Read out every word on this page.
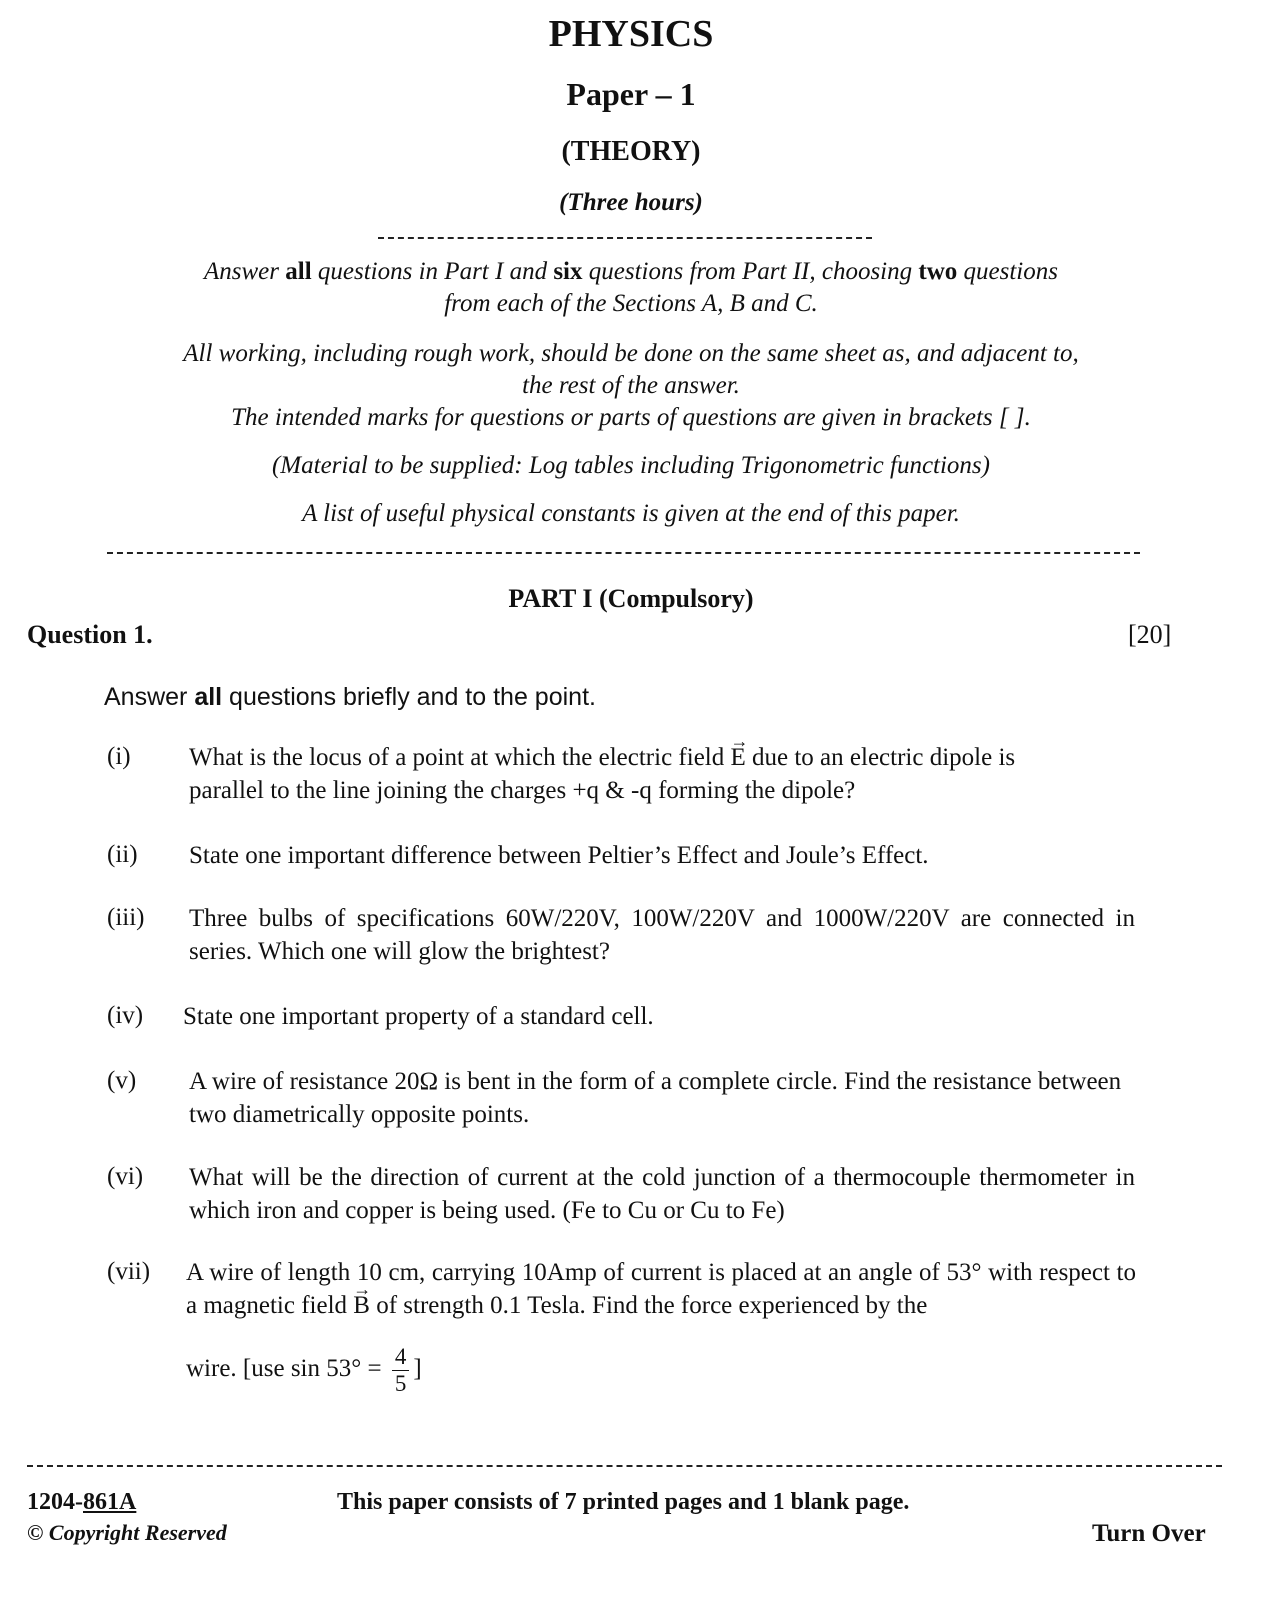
PHYSICS
Paper – 1
(THEORY)
(Three hours)
Answer all questions in Part I and six questions from Part II, choosing two questions
from each of the Sections A, B and C.
All working, including rough work, should be done on the same sheet as, and adjacent to,
the rest of the answer.
The intended marks for questions or parts of questions are given in brackets [ ].
(Material to be supplied: Log tables including Trigonometric functions)
A list of useful physical constants is given at the end of this paper.
PART I (Compulsory)
Question 1.	[20]
Answer all questions briefly and to the point.
(i) What is the locus of a point at which the electric field → E due to an electric dipole is parallel to the line joining the charges +q & -q forming the dipole?
(ii) State one important difference between Peltier’s Effect and Joule’s Effect.
(iii) Three bulbs of specifications 60W/220V, 100W/220V and 1000W/220V are connected in series. Which one will glow the brightest?
(iv) State one important property of a standard cell.
(v) A wire of resistance 20Ω is bent in the form of a complete circle. Find the resistance between two diametrically opposite points.
(vi) What will be the direction of current at the cold junction of a thermocouple thermometer in which iron and copper is being used. (Fe to Cu or Cu to Fe)
(vii) A wire of length 10 cm, carrying 10Amp of current is placed at an angle of 53° with respect to a magnetic field → B of strength 0.1 Tesla. Find the force experienced by the
wire. [use $\sin 53^\circ = \frac{4}{5}$ ]
1204-861A
© Copyright Reserved
This paper consists of 7 printed pages and 1 blank page.
Turn Over
